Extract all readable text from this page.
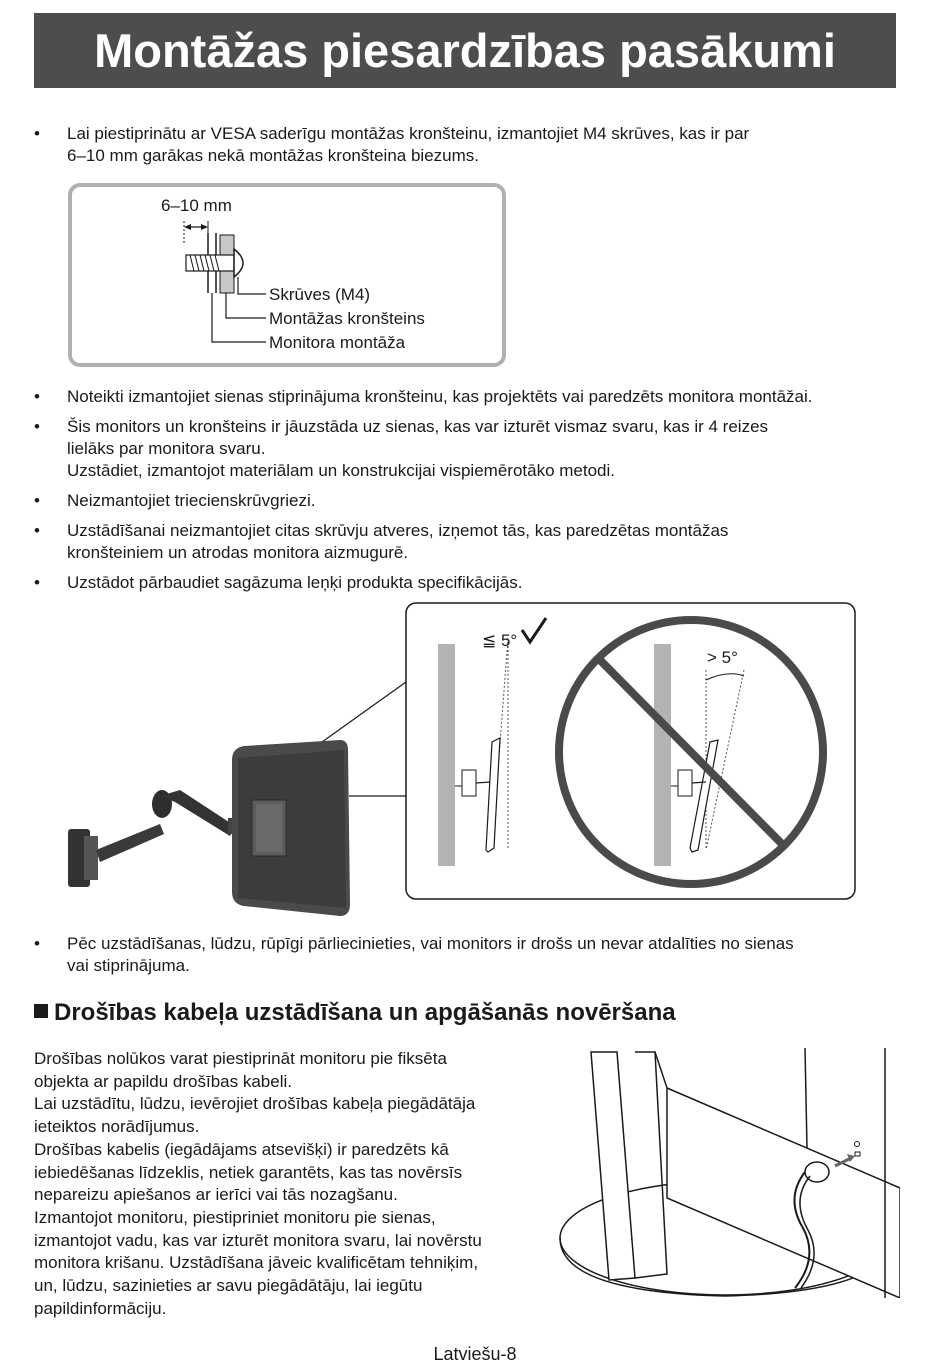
Montāžas piesardzības pasākumi
• Lai piestiprinātu ar VESA saderīgu montāžas kronšteinu, izmantojiet M4 skrūves, kas ir par
6–10 mm garākas nekā montāžas kronšteina biezums.
6–10 mm
Skrūves (M4)
Montāžas kronšteins
Monitora montāža
• Noteikti izmantojiet sienas stiprinājuma kronšteinu, kas projektēts vai paredzēts monitora montāžai.
• Šis monitors un kronšteins ir jāuzstāda uz sienas, kas var izturēt vismaz svaru, kas ir 4 reizes
lielāks par monitora svaru.
Uzstādiet, izmantojot materiālam un konstrukcijai vispiemērotāko metodi.
• Neizmantojiet triecienskrūvgriezi.
• Uzstādīšanai neizmantojiet citas skrūvju atveres, izņemot tās, kas paredzētas montāžas
kronšteiniem un atrodas monitora aizmugurē.
• Uzstādot pārbaudiet sagāzuma leņķi produkta specifikācijās.
≦ 5°
> 5°
• Pēc uzstādīšanas, lūdzu, rūpīgi pārliecinieties, vai monitors ir drošs un nevar atdalīties no sienas
vai stiprinājuma.
Drošības kabeļa uzstādīšana un apgāšanās novēršana
Drošības nolūkos varat piestiprināt monitoru pie fiksēta
objekta ar papildu drošības kabeli.
Lai uzstādītu, lūdzu, ievērojiet drošības kabeļa piegādātāja
ieteiktos norādījumus.
Drošības kabelis (iegādājams atsevišķi) ir paredzēts kā
iebiedēšanas līdzeklis, netiek garantēts, kas tas novērsīs
nepareizu apiešanos ar ierīci vai tās nozagšanu.
Izmantojot monitoru, piestipriniet monitoru pie sienas,
izmantojot vadu, kas var izturēt monitora svaru, lai novērstu
monitora krišanu. Uzstādīšana jāveic kvalificētam tehniķim,
un, lūdzu, sazinieties ar savu piegādātāju, lai iegūtu
papildinformāciju.
Latviešu-8
